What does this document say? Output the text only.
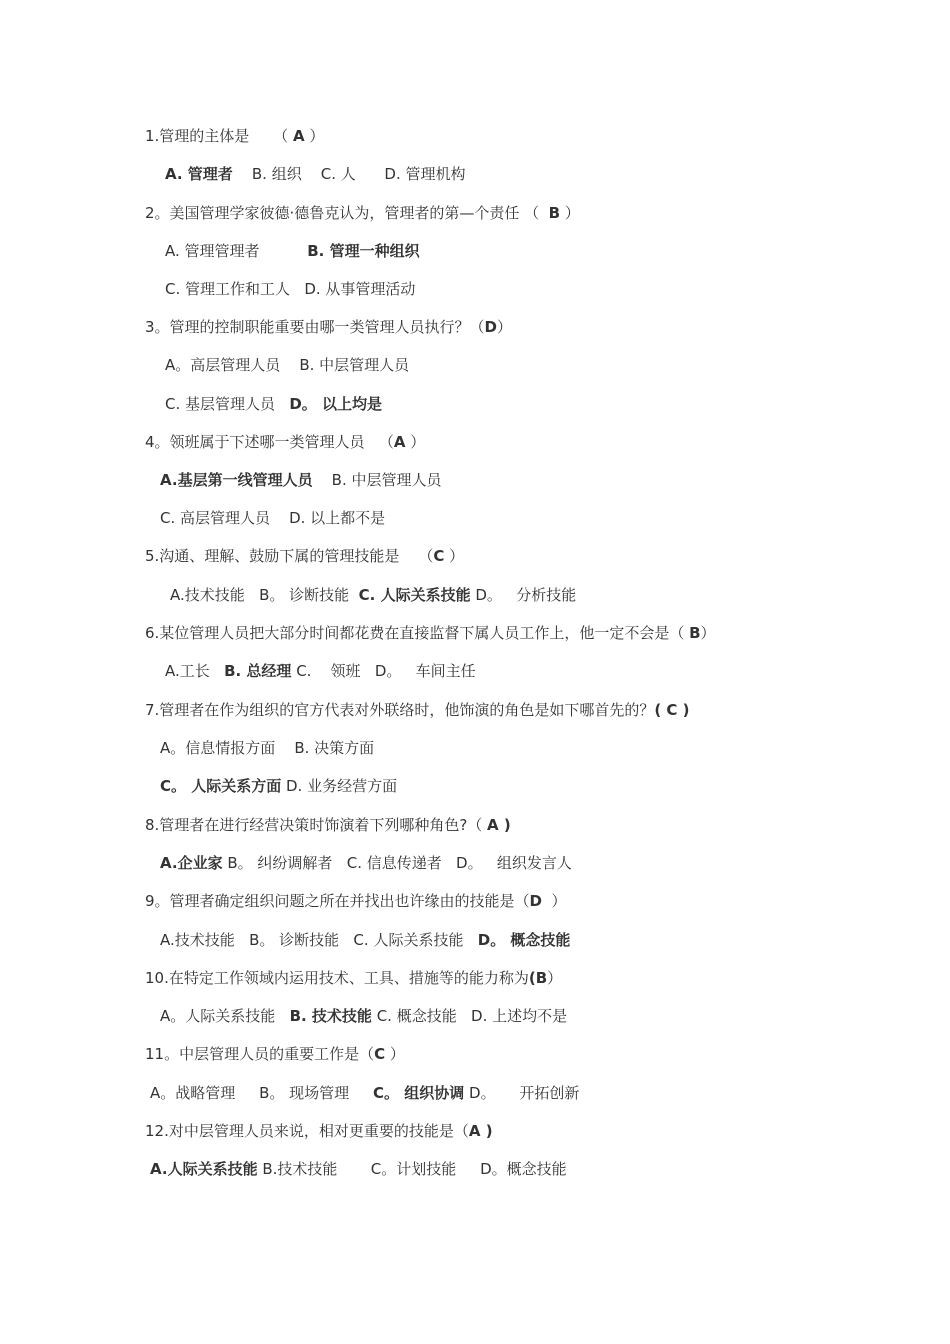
1.管理的主体是     （ A ）
A. 管理者    B. 组织    C. 人      D. 管理机构
2。美国管理学家彼德·德鲁克认为，管理者的第—个责任 （  B ）
A. 管理管理者          B. 管理一种组织
C. 管理工作和工人   D. 从事管理活动
3。管理的控制职能重要由哪一类管理人员执行？（D）
A。高层管理人员    B. 中层管理人员
C. 基层管理人员   D。 以上均是
4。领班属于下述哪一类管理人员   （A ）
A.基层第一线管理人员    B. 中层管理人员
C. 高层管理人员    D. 以上都不是
5.沟通、理解、鼓励下属的管理技能是    （C ）
A.技术技能   B。 诊断技能  C. 人际关系技能 D。   分析技能
6.某位管理人员把大部分时间都花费在直接监督下属人员工作上，他一定不会是（ B）
A.工长   B. 总经理 C.    领班   D。   车间主任
7.管理者在作为组织的官方代表对外联络时，他饰演的角色是如下哪首先的？( C )
A。信息情报方面    B. 决策方面
C。 人际关系方面 D. 业务经营方面
8.管理者在进行经营决策时饰演着下列哪种角色?（ A )
A.企业家 B。 纠纷调解者   C. 信息传递者   D。   组织发言人
9。管理者确定组织问题之所在并找出也许缘由的技能是（D  ）
A.技术技能   B。 诊断技能   C. 人际关系技能   D。 概念技能
10.在特定工作领域内运用技术、工具、措施等的能力称为(B）
A。人际关系技能   B. 技术技能 C. 概念技能   D. 上述均不是
11。中层管理人员的重要工作是（C ）
A。战略管理     B。 现场管理     C。 组织协调 D。     开拓创新
12.对中层管理人员来说，相对更重要的技能是（A )
A.人际关系技能 B.技术技能       C。计划技能     D。概念技能
